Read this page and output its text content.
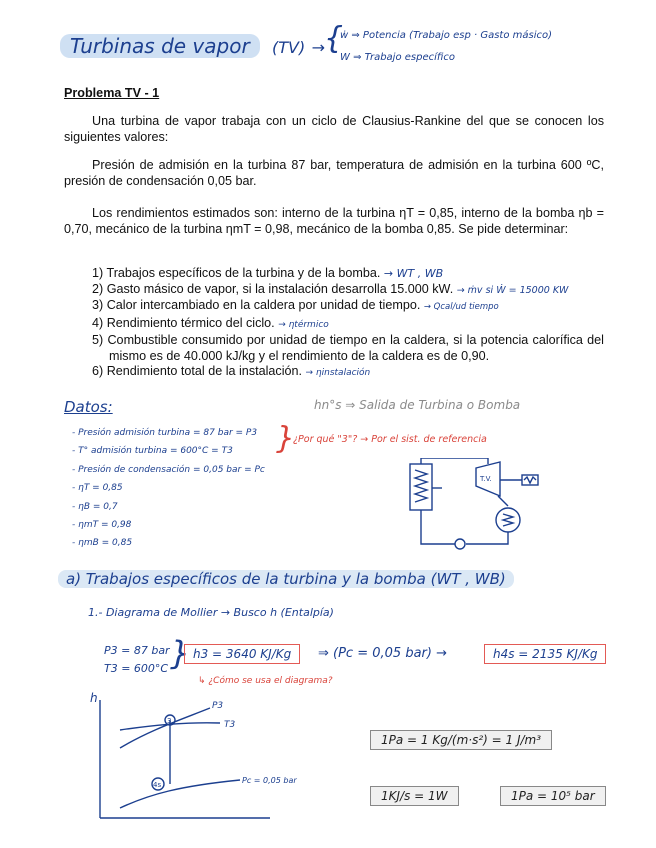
Turbinas de vapor (TV) → {
ẇ ⇒ Potencia (Trabajo esp · Gasto másico)
W ⇒ Trabajo específico
Problema TV - 1
Una turbina de vapor trabaja con un ciclo de Clausius-Rankine del que se conocen los siguientes valores:
Presión de admisión en la turbina 87 bar, temperatura de admisión en la turbina 600 ºC, presión de condensación 0,05 bar.
Los rendimientos estimados son: interno de la turbina ηT = 0,85, interno de la bomba ηb = 0,70, mecánico de la turbina ηmT = 0,98, mecánico de la bomba 0,85. Se pide determinar:
1) Trabajos específicos de la turbina y de la bomba. → WT , WB
2) Gasto másico de vapor, si la instalación desarrolla 15.000 kW. → ṁv si Ẇ = 15000 KW
3) Calor intercambiado en la caldera por unidad de tiempo. → Qcal/ud tiempo
4) Rendimiento térmico del ciclo. → ηtérmico
5) Combustible consumido por unidad de tiempo en la caldera, si la potencia calorífica del mismo es de 40.000 kJ/kg y el rendimiento de la caldera es de 0,90.
6) Rendimiento total de la instalación. → ηinstalación
Datos:	hn°s ⇒ Salida de Turbina o Bomba
- Presión admisión turbina = 87 bar = P3
- T° admisión turbina = 600°C = T3
- Presión de condensación = 0,05 bar = Pc
- ηT = 0,85
- ηB = 0,7
- ηmT = 0,98
- ηmB = 0,85
}
¿Por qué "3"? → Por el sist. de referencia
T.V.
a) Trabajos específicos de la turbina y la bomba (WT , WB)
1.- Diagrama de Mollier → Busco h (Entalpía)
P3 = 87 bar
T3 = 600°C } h3 = 3640 KJ/Kg	⇒ (Pc = 0,05 bar) →	h4s = 2135 KJ/Kg
↳ ¿Cómo se usa el diagrama?
h
P3
T3
Pc = 0,05 bar
3
4s
1Pa = 1 Kg/(m·s²) = 1 J/m³
1KJ/s = 1W	1Pa = 10⁵ bar
